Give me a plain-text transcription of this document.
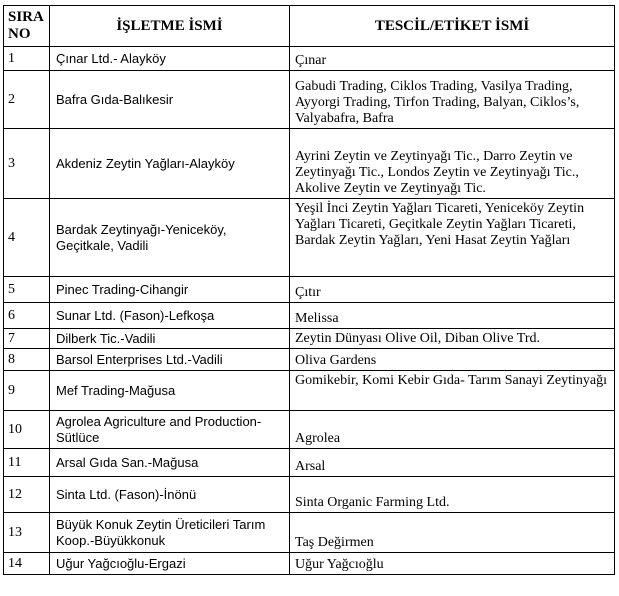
SIRA NO	İŞLETME İSMİ	TESCİL/ETİKET İSMİ
1	Çınar Ltd.- Alayköy	Çınar
2	Bafra Gıda-Balıkesir	Gabudi Trading, Ciklos Trading, Vasilya Trading, Ayyorgi Trading, Tirfon Trading, Balyan, Ciklos’s, Valyabafra, Bafra
3	Akdeniz Zeytin Yağları-Alayköy	Ayrini Zeytin ve Zeytinyağı Tic., Darro Zeytin ve Zeytinyağı Tic., Londos Zeytin ve Zeytinyağı Tic., Akolive Zeytin ve Zeytinyağı Tic.
4	Bardak Zeytinyağı-Yeniceköy, Geçitkale, Vadili	Yeşil İnci Zeytin Yağları Ticareti, Yeniceköy Zeytin Yağları Ticareti, Geçitkale Zeytin Yağları Ticareti, Bardak Zeytin Yağları, Yeni Hasat Zeytin Yağları
5	Pinec Trading-Cihangir	Çıtır
6	Sunar Ltd. (Fason)-Lefkoşa	Melissa
7	Dilberk Tic.-Vadili	Zeytin Dünyası Olive Oil, Diban Olive Trd.
8	Barsol Enterprises Ltd.-Vadili	Oliva Gardens
9	Mef Trading-Mağusa	Gomikebir, Komi Kebir Gıda- Tarım Sanayi Zeytinyağı
10	Agrolea Agriculture and Production-Sütlüce	Agrolea
11	Arsal Gıda San.-Mağusa	Arsal
12	Sinta Ltd. (Fason)-İnönü	Sinta Organic Farming Ltd.
13	Büyük Konuk Zeytin Üreticileri Tarım Koop.-Büyükkonuk	Taş Değirmen
14	Uğur Yağcıoğlu-Ergazi	Uğur Yağcıoğlu
